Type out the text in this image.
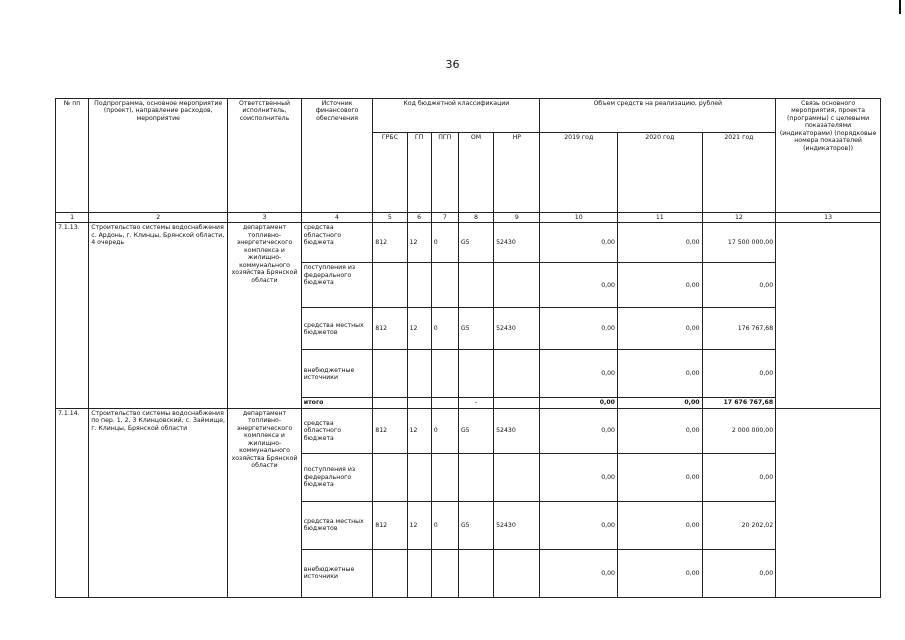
36
№ пп	Подпрограмма, основное мероприятие (проект), направление расходов, мероприятие	Ответственный исполнитель, соисполнитель	Источник финансового обеспечения	Код бюджетной классификации					Объем средств на реализацию, рублей			Связь основного мероприятия, проекта (программы) с целевыми показателями (индикаторами) (порядковые номера показателей (индикаторов))
				ГРБС	ГП	ПГП	ОМ	НР	2019 год	2020 год	2021 год	
1	2	3	4	5	6	7	8	9	10	11	12	13
7.1.13.	Строительство системы водоснабжения с. Ардонь, г. Клинцы, Брянской области, 4 очередь	департамент топливно-энергетического комплекса и жилищно-коммунального хозяйства Брянской области	средства областного бюджета	812	12	0	G5	52430	0,00	0,00	17 500 000,00	
			поступления из федерального бюджета						0,00	0,00	0,00	
			средства местных бюджетов	812	12	0	G5	52430	0,00	0,00	176 767,68	
			внебюджетные источники						0,00	0,00	0,00	
			итого				-		0,00	0,00	17 676 767,68	
7.1.14.	Строительство системы водоснабжения по пер. 1, 2, 3 Клинцовский, с. Займище, г. Клинцы, Брянской области	департамент топливно-энергетического комплекса и жилищно-коммунального хозяйства Брянской области	средства областного бюджета	812	12	0	G5	52430	0,00	0,00	2 000 000,00	
			поступления из федерального бюджета						0,00	0,00	0,00	
			средства местных бюджетов	812	12	0	G5	52430	0,00	0,00	20 202,02	
			внебюджетные источники						0,00	0,00	0,00	
